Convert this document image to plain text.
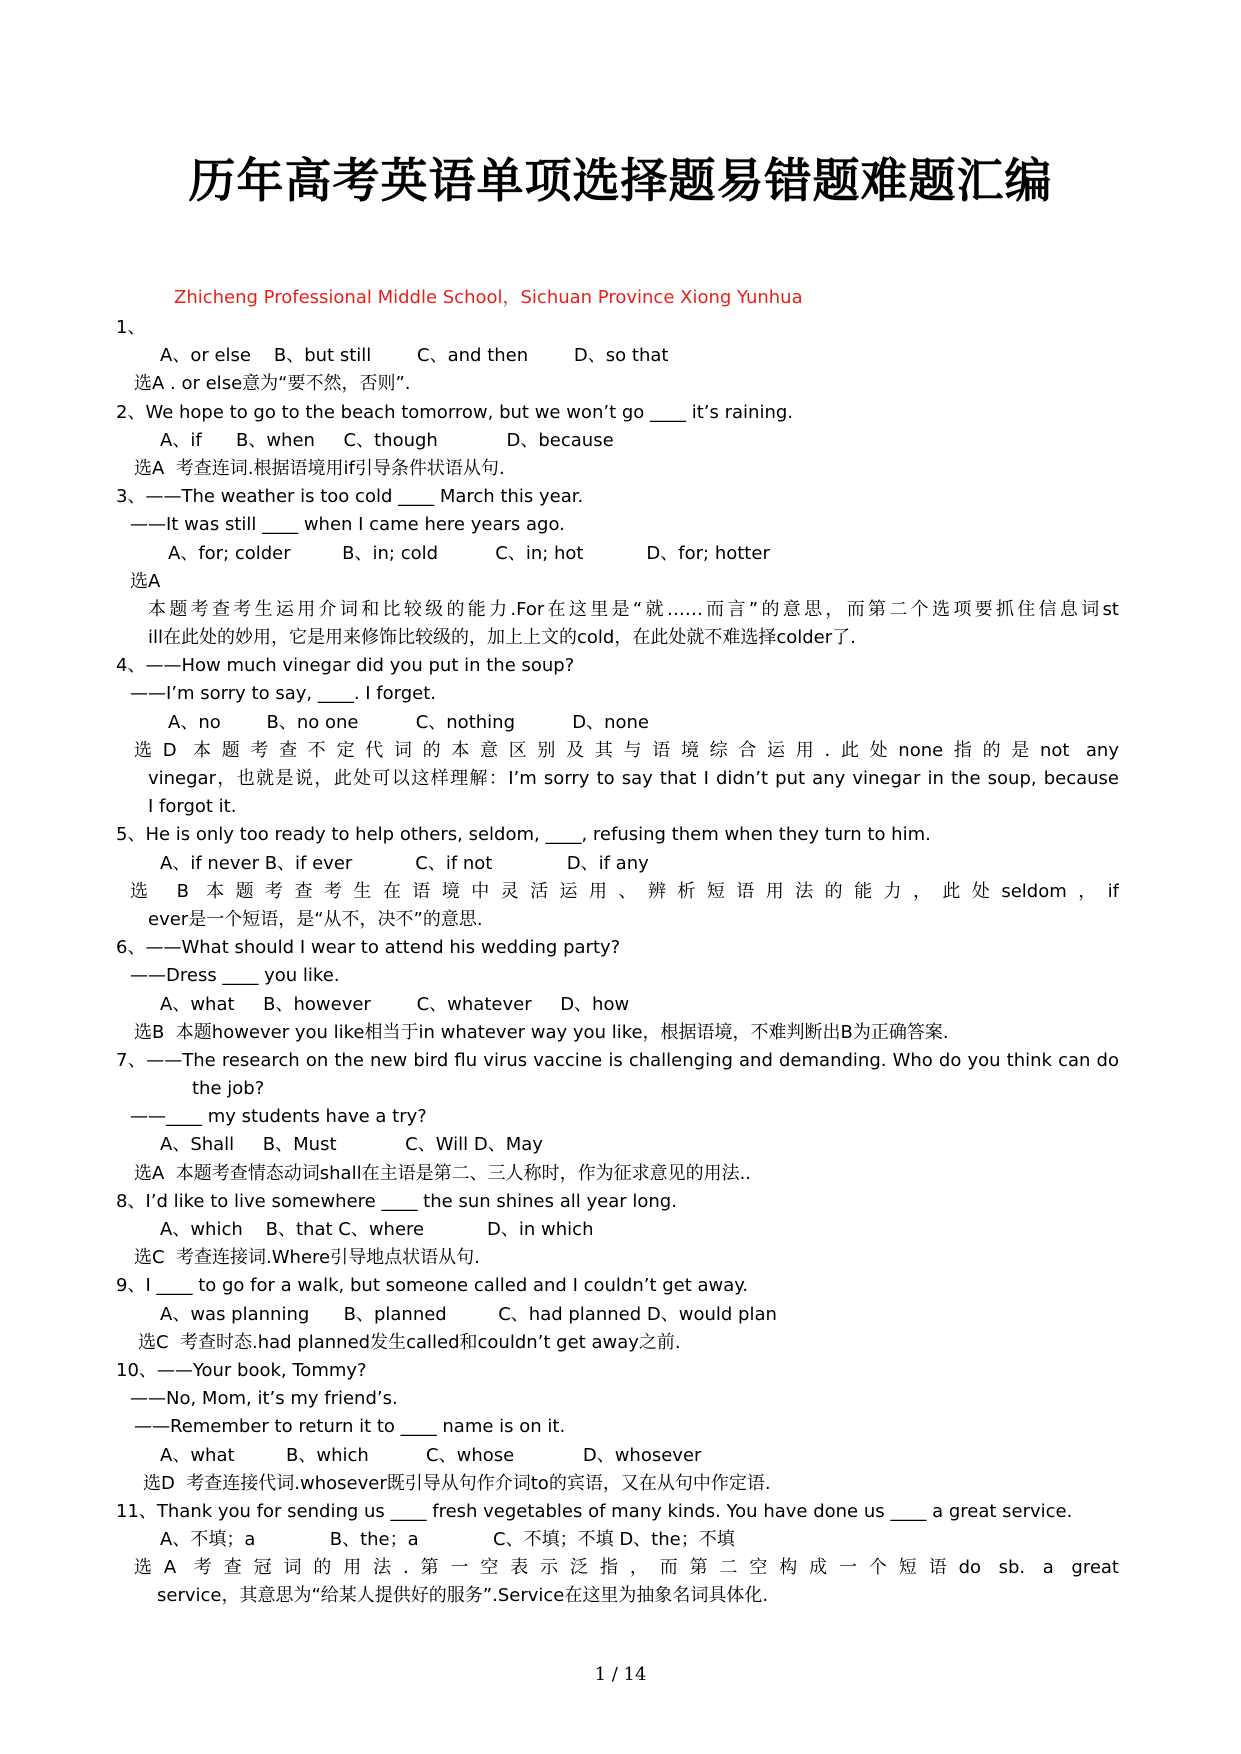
历年高考英语单项选择题易错题难题汇编
Zhicheng Professional Middle School，Sichuan Province Xiong Yunhua
1、
A、or else    B、but still        C、and then        D、so that
选A . or else意为“要不然，否则”.
2、We hope to go to the beach tomorrow, but we won’t go ____ it’s raining.
A、if      B、when     C、though            D、because
选A  考查连词.根据语境用if引导条件状语从句.
3、——The weather is too cold ____ March this year.
——It was still ____ when I came here years ago.
A、for; colder         B、in; cold          C、in; hot           D、for; hotter
选A
本题考查考生运用介词和比较级的能力.For在这里是“就……而言”的意思，而第二个选项要抓住信息词st
ill在此处的妙用，它是用来修饰比较级的，加上上文的cold，在此处就不难选择colder了.
4、——How much vinegar did you put in the soup?
——I’m sorry to say, ____. I forget.
A、no        B、no one          C、nothing          D、none
选D 本题考查不定代词的本意区别及其与语境综合运用.此处none指的是not any
vinegar，也就是说，此处可以这样理解：I’m sorry to say that I didn’t put any vinegar in the soup, because
I forgot it.
5、He is only too ready to help others, seldom, ____, refusing them when they turn to him.
A、if never B、if ever           C、if not             D、if any
选 B 本题考查考生在语境中灵活运用、辨析短语用法的能力，此处seldom，if
ever是一个短语，是“从不，决不”的意思.
6、——What should I wear to attend his wedding party?
——Dress ____ you like.
A、what     B、however        C、whatever     D、how
选B  本题however you like相当于in whatever way you like，根据语境，不难判断出B为正确答案.
7、——The research on the new bird flu virus vaccine is challenging and demanding. Who do you think can do
the job?
——____ my students have a try?
A、Shall     B、Must            C、Will D、May
选A  本题考查情态动词shall在主语是第二、三人称时，作为征求意见的用法..
8、I’d like to live somewhere ____ the sun shines all year long.
A、which    B、that C、where           D、in which
选C  考查连接词.Where引导地点状语从句.
9、I ____ to go for a walk, but someone called and I couldn’t get away.
A、was planning      B、planned         C、had planned D、would plan
选C  考查时态.had planned发生called和couldn’t get away之前.
10、——Your book, Tommy?
——No, Mom, it’s my friend’s.
——Remember to return it to ____ name is on it.
A、what         B、which          C、whose            D、whosever
选D  考查连接代词.whosever既引导从句作介词to的宾语，又在从句中作定语.
11、Thank you for sending us ____ fresh vegetables of many kinds. You have done us ____ a great service.
A、不填；a             B、the；a             C、不填；不填 D、the；不填
选A 考查冠词的用法.第一空表示泛指，而第二空构成一个短语do sb. a great
service，其意思为“给某人提供好的服务”.Service在这里为抽象名词具体化.
1 / 14
